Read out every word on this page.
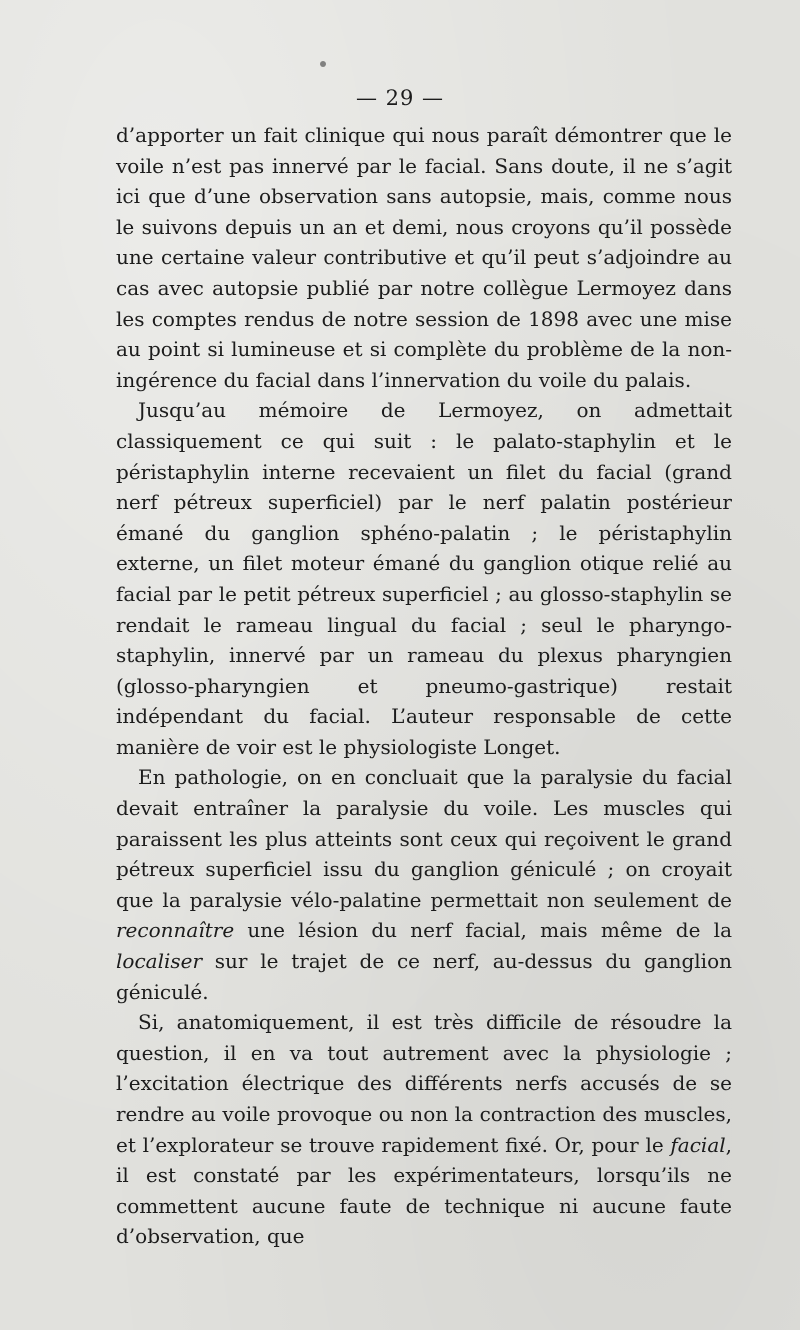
— 29 —

d’apporter un fait clinique qui nous paraît démontrer que le voile n’est pas innervé par le facial. Sans doute, il ne s’agit ici que d’une observation sans autopsie, mais, comme nous le suivons depuis un an et demi, nous croyons qu’il possède une certaine valeur contributive et qu’il peut s’adjoindre au cas avec autopsie publié par notre collègue Lermoyez dans les comptes rendus de notre session de 1898 avec une mise au point si lumineuse et si complète du problème de la non-ingérence du facial dans l’innervation du voile du palais.

Jusqu’au mémoire de Lermoyez, on admettait classiquement ce qui suit : le palato-staphylin et le péristaphylin interne recevaient un filet du facial (grand nerf pétreux superficiel) par le nerf palatin postérieur émané du ganglion sphéno-palatin ; le péristaphylin externe, un filet moteur émané du ganglion otique relié au facial par le petit pétreux superficiel ; au glosso-staphylin se rendait le rameau lingual du facial ; seul le pharyngo-staphylin, innervé par un rameau du plexus pharyngien (glosso-pharyngien et pneumo-gastrique) restait indépendant du facial. L’auteur responsable de cette manière de voir est le physiologiste Longet.

En pathologie, on en concluait que la paralysie du facial devait entraîner la paralysie du voile. Les muscles qui paraissent les plus atteints sont ceux qui reçoivent le grand pétreux superficiel issu du ganglion géniculé ; on croyait que la paralysie vélo-palatine permettait non seulement de reconnaître une lésion du nerf facial, mais même de la localiser sur le trajet de ce nerf, au-dessus du ganglion géniculé.

Si, anatomiquement, il est très difficile de résoudre la question, il en va tout autrement avec la physiologie ; l’excitation électrique des différents nerfs accusés de se rendre au voile provoque ou non la contraction des muscles, et l’explorateur se trouve rapidement fixé. Or, pour le facial, il est constaté par les expérimentateurs, lorsqu’ils ne commettent aucune faute de technique ni aucune faute d’observation, que
